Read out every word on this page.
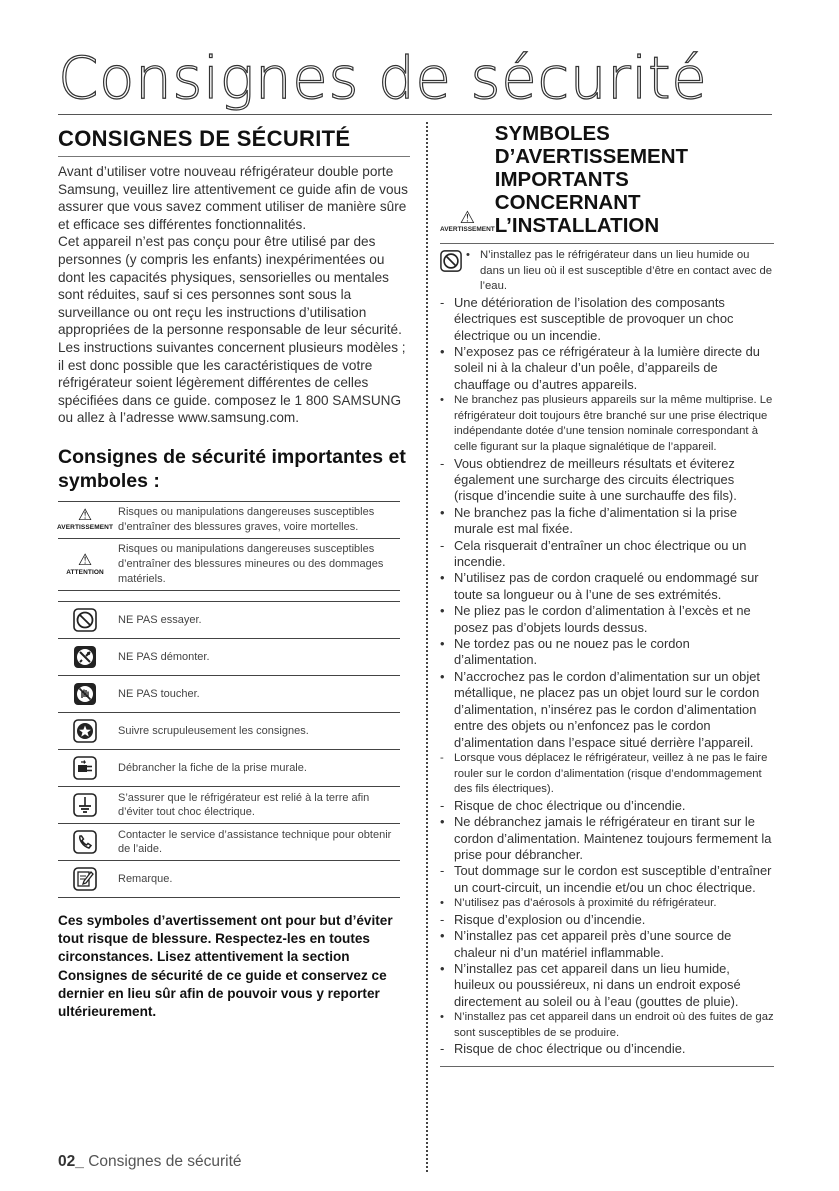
Consignes de sécurité
CONSIGNES DE SÉCURITÉ

Avant d’utiliser votre nouveau réfrigérateur double porte Samsung, veuillez lire attentivement ce guide afin de vous assurer que vous savez comment utiliser de manière sûre et efficace ses différentes fonctionnalités.

Cet appareil n’est pas conçu pour être utilisé par des personnes (y compris les enfants) inexpérimentées ou dont les capacités physiques, sensorielles ou mentales sont réduites, sauf si ces personnes sont sous la surveillance ou ont reçu les instructions d’utilisation appropriées de la personne responsable de leur sécurité.

Les instructions suivantes concernent plusieurs modèles ; il est donc possible que les caractéristiques de votre réfrigérateur soient légèrement différentes de celles spécifiées dans ce guide. composez le 1 800 SAMSUNG ou allez à l’adresse www.samsung.com.

Consignes de sécurité importantes et symboles :
⚠
AVERTISSEMENT
Risques ou manipulations dangereuses susceptibles d’entraîner des blessures graves, voire mortelles.
⚠
ATTENTION
Risques ou manipulations dangereuses susceptibles d’entraîner des blessures mineures ou des dommages matériels.
NE PAS essayer.
NE PAS démonter.
NE PAS toucher.
Suivre scrupuleusement les consignes.
Débrancher la fiche de la prise murale.
S’assurer que le réfrigérateur est relié à la terre afin d’éviter tout choc électrique.
Contacter le service d’assistance technique pour obtenir de l’aide.
Remarque.
Ces symboles d’avertissement ont pour but d’éviter tout risque de blessure. Respectez-les en toutes circonstances. Lisez attentivement la section Consignes de sécurité de ce guide et conservez ce dernier en lieu sûr afin de pouvoir vous y reporter ultérieurement.
⚠
AVERTISSEMENT
SYMBOLES D’AVERTISSEMENT IMPORTANTS CONCERNANT L’INSTALLATION
• N’installez pas le réfrigérateur dans un lieu humide ou dans un lieu où il est susceptible d’être en contact avec de l’eau.
- Une détérioration de l’isolation des composants électriques est susceptible de provoquer un choc électrique ou un incendie.
• N’exposez pas ce réfrigérateur à la lumière directe du soleil ni à la chaleur d’un poêle, d’appareils de chauffage ou d’autres appareils.
• Ne branchez pas plusieurs appareils sur la même multiprise. Le réfrigérateur doit toujours être branché sur une prise électrique indépendante dotée d’une tension nominale correspondant à celle figurant sur la plaque signalétique de l’appareil.
- Vous obtiendrez de meilleurs résultats et éviterez également une surcharge des circuits électriques (risque d’incendie suite à une surchauffe des fils).
• Ne branchez pas la fiche d’alimentation si la prise murale est mal fixée.
- Cela risquerait d’entraîner un choc électrique ou un incendie.
• N’utilisez pas de cordon craquelé ou endommagé sur toute sa longueur ou à l’une de ses extrémités.
• Ne pliez pas le cordon d’alimentation à l’excès et ne posez pas d’objets lourds dessus.
• Ne tordez pas ou ne nouez pas le cordon d’alimentation.
• N’accrochez pas le cordon d’alimentation sur un objet métallique, ne placez pas un objet lourd sur le cordon d’alimentation, n’insérez pas le cordon d’alimentation entre des objets ou n’enfoncez pas le cordon d’alimentation dans l’espace situé derrière l’appareil.
- Lorsque vous déplacez le réfrigérateur, veillez à ne pas le faire rouler sur le cordon d’alimentation (risque d’endommagement des fils électriques).
- Risque de choc électrique ou d’incendie.
• Ne débranchez jamais le réfrigérateur en tirant sur le cordon d’alimentation. Maintenez toujours fermement la prise pour débrancher.
- Tout dommage sur le cordon est susceptible d’entraîner un court-circuit, un incendie et/ou un choc électrique.
• N’utilisez pas d’aérosols à proximité du réfrigérateur.
- Risque d’explosion ou d’incendie.
• N’installez pas cet appareil près d’une source de chaleur ni d’un matériel inflammable.
• N’installez pas cet appareil dans un lieu humide, huileux ou poussiéreux, ni dans un endroit exposé directement au soleil ou à l’eau (gouttes de pluie).
• N’installez pas cet appareil dans un endroit où des fuites de gaz sont susceptibles de se produire.
- Risque de choc électrique ou d’incendie.
02_ Consignes de sécurité
